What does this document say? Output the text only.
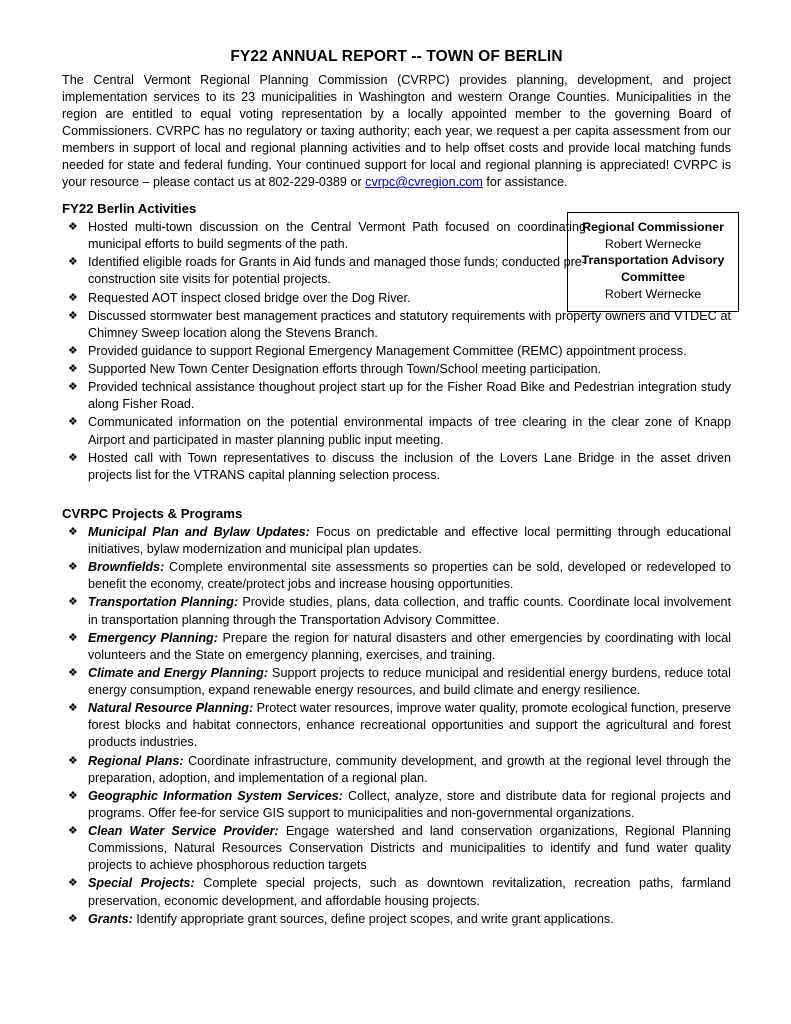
FY22 ANNUAL REPORT -- TOWN OF BERLIN

The Central Vermont Regional Planning Commission (CVRPC) provides planning, development, and project implementation services to its 23 municipalities in Washington and western Orange Counties. Municipalities in the region are entitled to equal voting representation by a locally appointed member to the governing Board of Commissioners. CVRPC has no regulatory or taxing authority; each year, we request a per capita assessment from our members in support of local and regional planning activities and to help offset costs and provide local matching funds needed for state and federal funding. Your continued support for local and regional planning is appreciated! CVRPC is your resource – please contact us at 802-229-0389 or cvrpc@cvregion.com for assistance.

Regional Commissioner
Robert Wernecke
Transportation Advisory Committee
Robert Wernecke
FY22 Berlin Activities
❖ Hosted multi-town discussion on the Central Vermont Path focused on coordinating municipal efforts to build segments of the path.
❖ Identified eligible roads for Grants in Aid funds and managed those funds; conducted pre-construction site visits for potential projects.
❖ Requested AOT inspect closed bridge over the Dog River.
❖ Discussed stormwater best management practices and statutory requirements with property owners and VTDEC at Chimney Sweep location along the Stevens Branch.
❖ Provided guidance to support Regional Emergency Management Committee (REMC) appointment process.
❖ Supported New Town Center Designation efforts through Town/School meeting participation.
❖ Provided technical assistance thoughout project start up for the Fisher Road Bike and Pedestrian integration study along Fisher Road.
❖ Communicated information on the potential environmental impacts of tree clearing in the clear zone of Knapp Airport and participated in master planning public input meeting.
❖ Hosted call with Town representatives to discuss the inclusion of the Lovers Lane Bridge in the asset driven projects list for the VTRANS capital planning selection process.
CVRPC Projects & Programs
❖ Municipal Plan and Bylaw Updates: Focus on predictable and effective local permitting through educational initiatives, bylaw modernization and municipal plan updates.
❖ Brownfields: Complete environmental site assessments so properties can be sold, developed or redeveloped to benefit the economy, create/protect jobs and increase housing opportunities.
❖ Transportation Planning: Provide studies, plans, data collection, and traffic counts. Coordinate local involvement in transportation planning through the Transportation Advisory Committee.
❖ Emergency Planning: Prepare the region for natural disasters and other emergencies by coordinating with local volunteers and the State on emergency planning, exercises, and training.
❖ Climate and Energy Planning: Support projects to reduce municipal and residential energy burdens, reduce total energy consumption, expand renewable energy resources, and build climate and energy resilience.
❖ Natural Resource Planning: Protect water resources, improve water quality, promote ecological function, preserve forest blocks and habitat connectors, enhance recreational opportunities and support the agricultural and forest products industries.
❖ Regional Plans: Coordinate infrastructure, community development, and growth at the regional level through the preparation, adoption, and implementation of a regional plan.
❖ Geographic Information System Services: Collect, analyze, store and distribute data for regional projects and programs. Offer fee-for service GIS support to municipalities and non-governmental organizations.
❖ Clean Water Service Provider: Engage watershed and land conservation organizations, Regional Planning Commissions, Natural Resources Conservation Districts and municipalities to identify and fund water quality projects to achieve phosphorous reduction targets
❖ Special Projects: Complete special projects, such as downtown revitalization, recreation paths, farmland preservation, economic development, and affordable housing projects.
❖ Grants: Identify appropriate grant sources, define project scopes, and write grant applications.
